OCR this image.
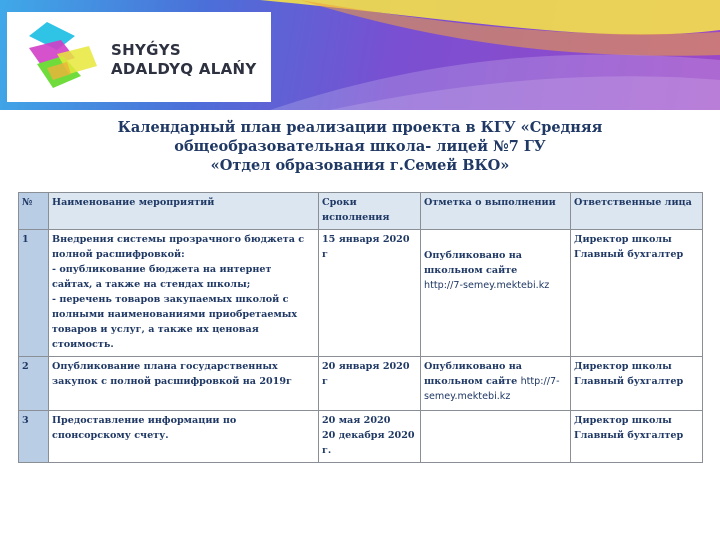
SHYǴYS
ADALDYQ ALAŃY
Календарный план реализации проекта в КГУ «Средняя
общеобразовательная школа- лицей №7 ГУ
«Отдел образования г.Семей ВКО»
№	Наименование мероприятий	Сроки исполнения	Отметка о выполнении	Ответственные лица
1	Внедрения системы прозрачного бюджета с полной расшифровкой:
- опубликование бюджета на интернет сайтах, а также на стендах школы;
- перечень товаров закупаемых школой с полными наименованиями приобретаемых товаров и услуг, а также их ценовая стоимость.	15 января 2020 г	Опубликовано на школьном сайте
http://7-semey.mektebi.kz	Директор школы
Главный бухгалтер

2	Опубликование плана государственных закупок с полной расшифровкой на 2019г	20 января 2020 г	Опубликовано на школьном сайте http://7-semey.mektebi.kz	Директор школы
Главный бухгалтер

3	Предоставление информации по спонсорскому счету.	20 мая 2020
20 декабря 2020 г.		Директор школы
Главный бухгалтер
